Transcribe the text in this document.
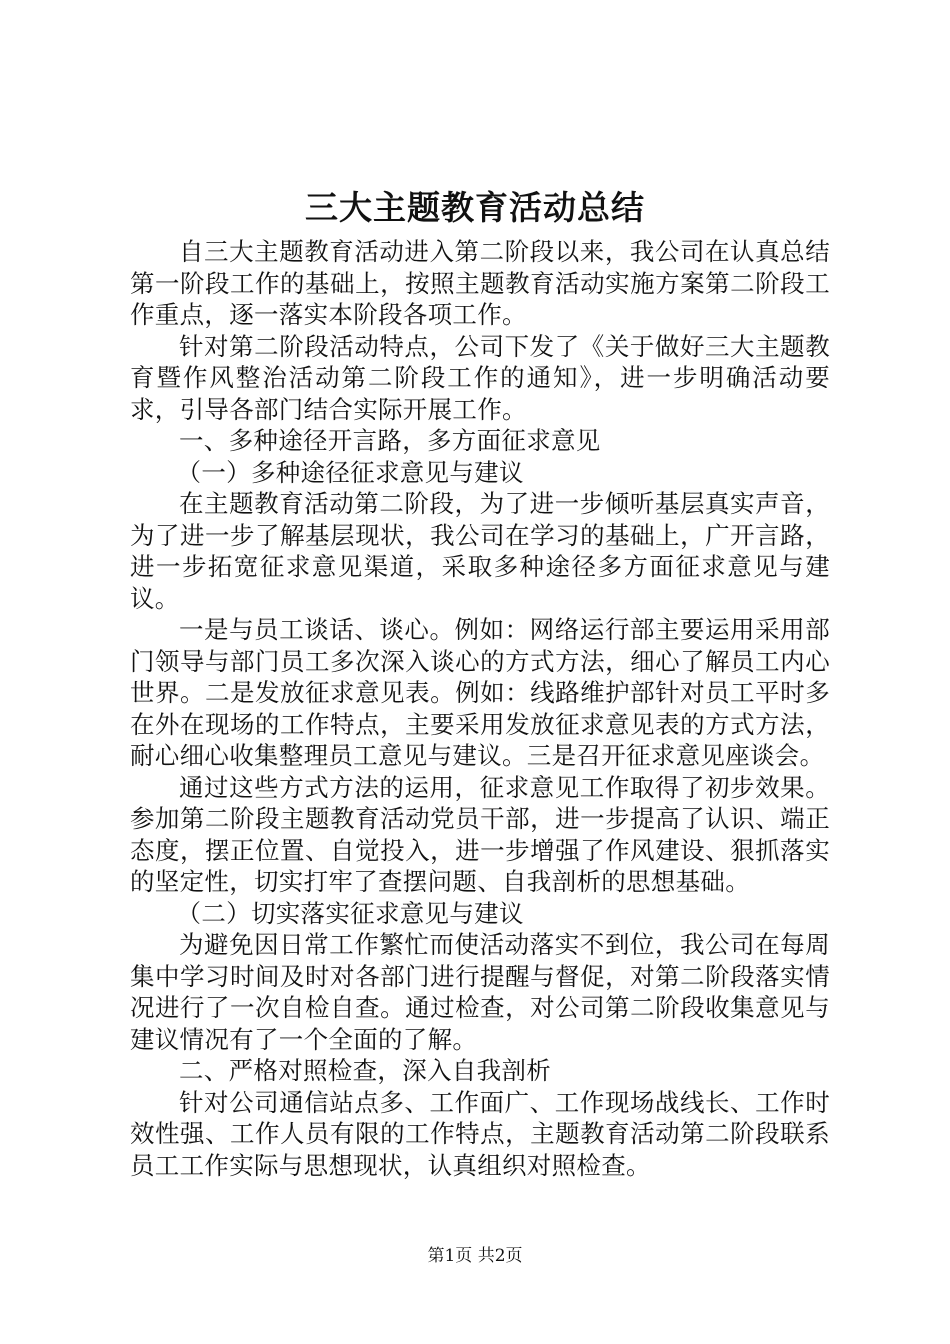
三大主题教育活动总结

自三大主题教育活动进入第二阶段以来，我公司在认真总结第一阶段工作的基础上，按照主题教育活动实施方案第二阶段工作重点，逐一落实本阶段各项工作。

针对第二阶段活动特点，公司下发了《关于做好三大主题教育暨作风整治活动第二阶段工作的通知》，进一步明确活动要求，引导各部门结合实际开展工作。

一、多种途径开言路，多方面征求意见

（一）多种途径征求意见与建议

在主题教育活动第二阶段，为了进一步倾听基层真实声音，为了进一步了解基层现状，我公司在学习的基础上，广开言路，进一步拓宽征求意见渠道，采取多种途径多方面征求意见与建议。

一是与员工谈话、谈心。例如：网络运行部主要运用采用部门领导与部门员工多次深入谈心的方式方法，细心了解员工内心世界。二是发放征求意见表。例如：线路维护部针对员工平时多在外在现场的工作特点，主要采用发放征求意见表的方式方法，耐心细心收集整理员工意见与建议。三是召开征求意见座谈会。

通过这些方式方法的运用，征求意见工作取得了初步效果。参加第二阶段主题教育活动党员干部，进一步提高了认识、端正态度，摆正位置、自觉投入，进一步增强了作风建设、狠抓落实的坚定性，切实打牢了查摆问题、自我剖析的思想基础。

（二）切实落实征求意见与建议

为避免因日常工作繁忙而使活动落实不到位，我公司在每周集中学习时间及时对各部门进行提醒与督促，对第二阶段落实情况进行了一次自检自查。通过检查，对公司第二阶段收集意见与建议情况有了一个全面的了解。

二、严格对照检查，深入自我剖析

针对公司通信站点多、工作面广、工作现场战线长、工作时效性强、工作人员有限的工作特点，主题教育活动第二阶段联系员工工作实际与思想现状，认真组织对照检查。

第1页 共2页
